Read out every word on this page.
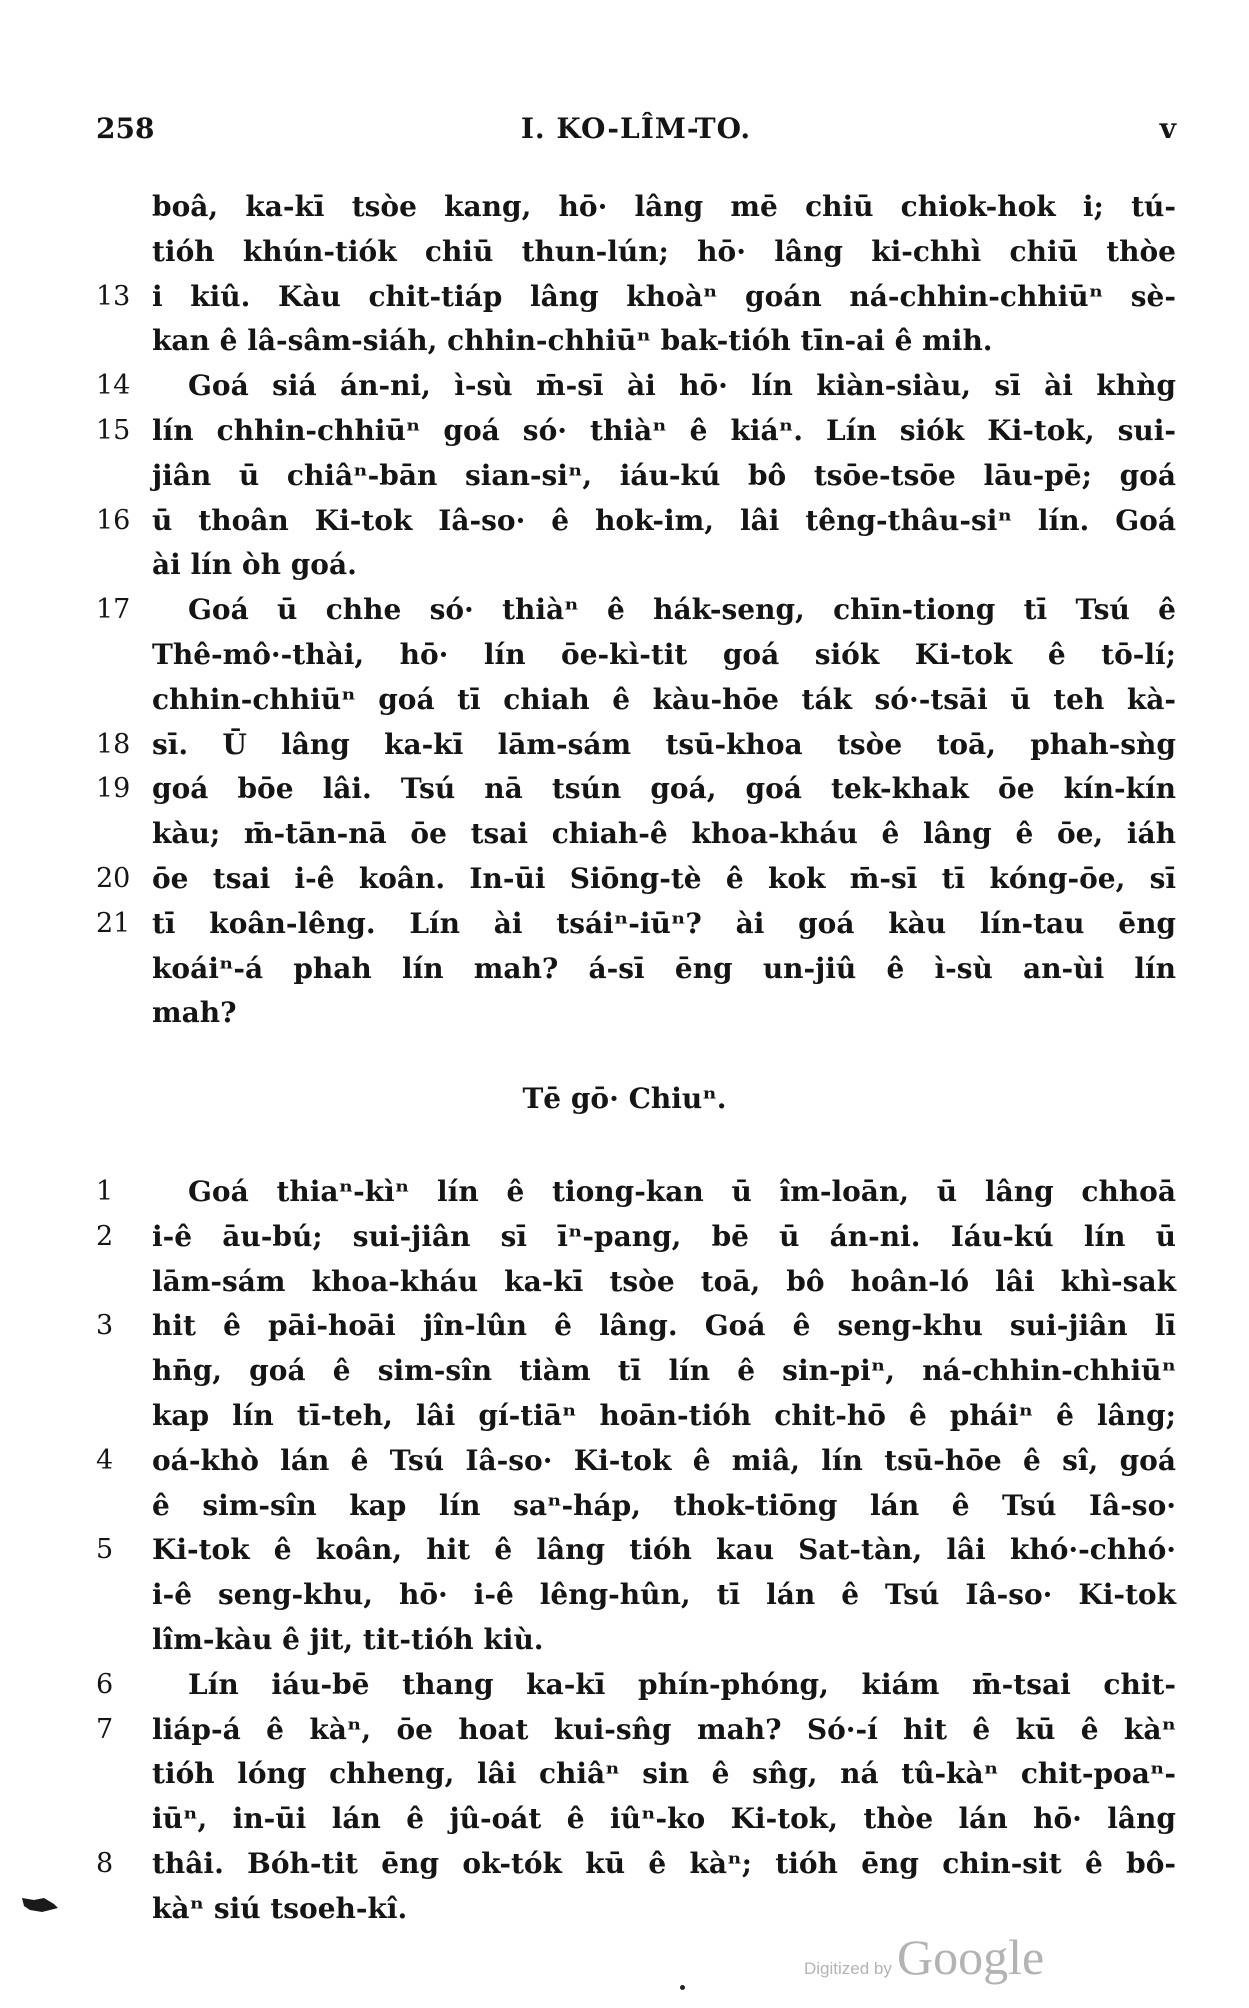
258	I. KO-LÎM-TO.	v
boâ, ka-kī tsòe kang, hō· lâng mē chiū chiok-hok i; tú-
tióh khún-tiók chiū thun-lún; hō· lâng ki-chhì chiū thòe
13 i kiû. Kàu chit-tiáp lâng khoàⁿ goán ná-chhin-chhiūⁿ sè-
kan ê lâ-sâm-siáh, chhin-chhiūⁿ bak-tióh tīn-ai ê mih.
14	Goá siá án-ni, ì-sù m̄-sī ài hō· lín kiàn-siàu, sī ài khǹg
15 lín chhin-chhiūⁿ goá só· thiàⁿ ê kiáⁿ. Lín siók Ki-tok, sui-
jiân ū chiâⁿ-bān sian-siⁿ, iáu-kú bô tsōe-tsōe lāu-pē; goá
16 ū thoân Ki-tok Iâ-so· ê hok-im, lâi têng-thâu-siⁿ lín. Goá
ài lín òh goá.
17	Goá ū chhe só· thiàⁿ ê hák-seng, chīn-tiong tī Tsú ê
Thê-mô·-thài, hō· lín ōe-kì-tit goá siók Ki-tok ê tō-lí;
chhin-chhiūⁿ goá tī chiah ê kàu-hōe ták só·-tsāi ū teh kà-
18 sī. Ū lâng ka-kī lām-sám tsū-khoa tsòe toā, phah-sǹg
19 goá bōe lâi. Tsú nā tsún goá, goá tek-khak ōe kín-kín
kàu; m̄-tān-nā ōe tsai chiah-ê khoa-kháu ê lâng ê ōe, iáh
20 ōe tsai i-ê koân. In-ūi Siōng-tè ê kok m̄-sī tī kóng-ōe, sī
21 tī koân-lêng. Lín ài tsáiⁿ-iūⁿ? ài goá kàu lín-tau ēng
koáiⁿ-á phah lín mah? á-sī ēng un-jiû ê ì-sù an-ùi lín
mah?
Tē gō· Chiuⁿ.
1	Goá thiaⁿ-kìⁿ lín ê tiong-kan ū îm-loān, ū lâng chhoā
2	i-ê āu-bú; sui-jiân sī īⁿ-pang, bē ū án-ni. Iáu-kú lín ū
lām-sám khoa-kháu ka-kī tsòe toā, bô hoân-ló lâi khì-sak
3	hit ê pāi-hoāi jîn-lûn ê lâng. Goá ê seng-khu sui-jiân lī
hn̄g, goá ê sim-sîn tiàm tī lín ê sin-piⁿ, ná-chhin-chhiūⁿ
kap lín tī-teh, lâi gí-tiāⁿ hoān-tióh chit-hō ê pháiⁿ ê lâng;
4	oá-khò lán ê Tsú Iâ-so· Ki-tok ê miâ, lín tsū-hōe ê sî, goá
ê sim-sîn kap lín saⁿ-háp, thok-tiōng lán ê Tsú Iâ-so·
5	Ki-tok ê koân, hit ê lâng tióh kau Sat-tàn, lâi khó·-chhó·
i-ê seng-khu, hō· i-ê lêng-hûn, tī lán ê Tsú Iâ-so· Ki-tok
lîm-kàu ê jit, tit-tióh kiù.
6	Lín iáu-bē thang ka-kī phín-phóng, kiám m̄-tsai chit-
7	liáp-á ê kàⁿ, ōe hoat kui-sn̂g mah? Só·-í hit ê kū ê kàⁿ
tióh lóng chheng, lâi chiâⁿ sin ê sn̂g, ná tû-kàⁿ chit-poaⁿ-
iūⁿ, in-ūi lán ê jû-oát ê iûⁿ-ko Ki-tok, thòe lán hō· lâng
8	thâi. Bóh-tit ēng ok-tók kū ê kàⁿ; tióh ēng chin-sit ê bô-
kàⁿ siú tsoeh-kî.
Digitized by Google
